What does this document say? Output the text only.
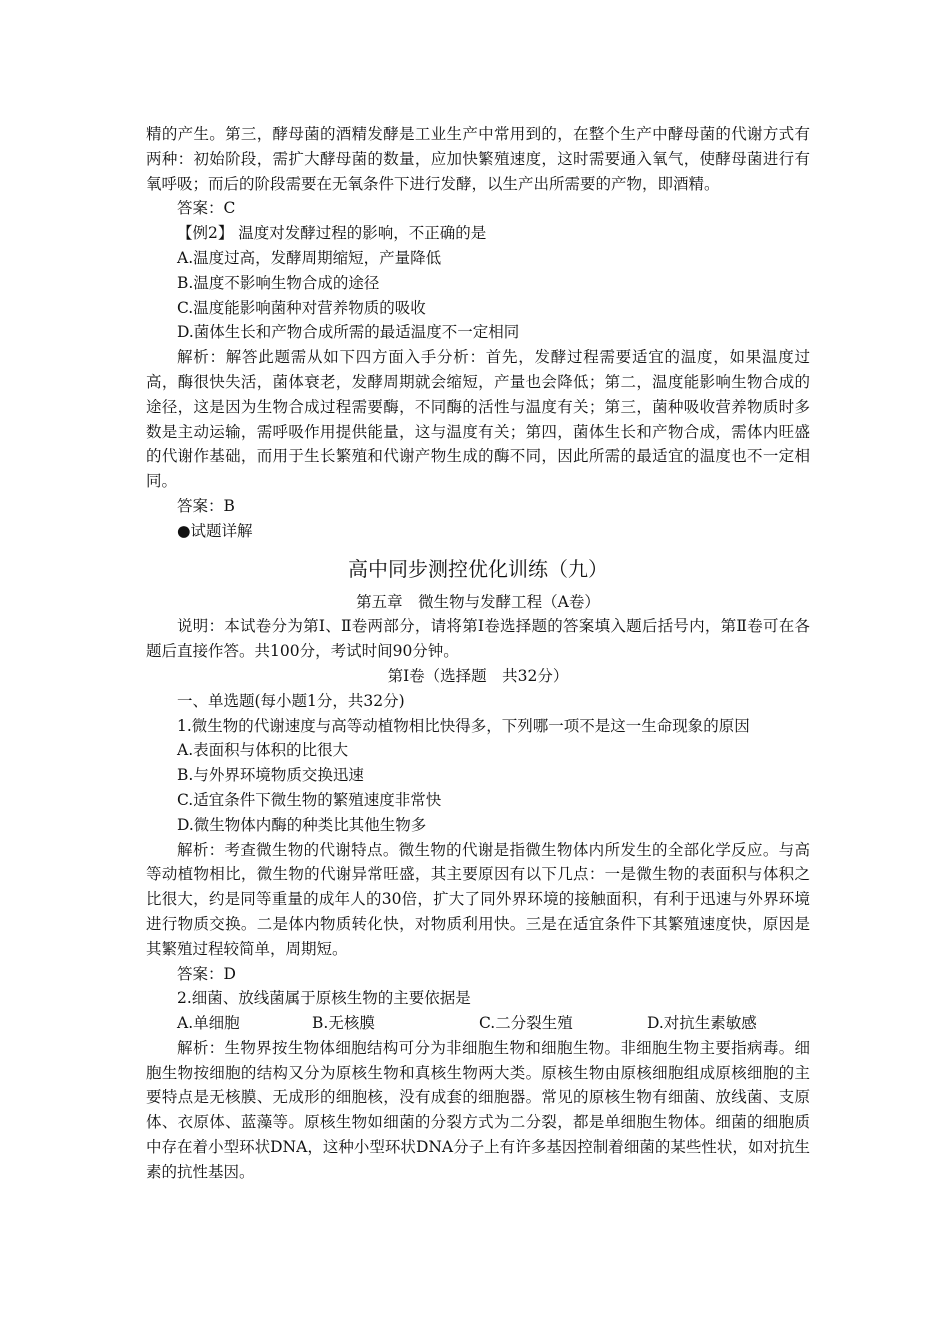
精的产生。第三，酵母菌的酒精发酵是工业生产中常用到的，在整个生产中酵母菌的代谢方式有两种：初始阶段，需扩大酵母菌的数量，应加快繁殖速度，这时需要通入氧气，使酵母菌进行有氧呼吸；而后的阶段需要在无氧条件下进行发酵，以生产出所需要的产物，即酒精。

答案：C

【例2】 温度对发酵过程的影响，不正确的是

A.温度过高，发酵周期缩短，产量降低

B.温度不影响生物合成的途径

C.温度能影响菌种对营养物质的吸收

D.菌体生长和产物合成所需的最适温度不一定相同

解析：解答此题需从如下四方面入手分析：首先，发酵过程需要适宜的温度，如果温度过高，酶很快失活，菌体衰老，发酵周期就会缩短，产量也会降低；第二，温度能影响生物合成的途径，这是因为生物合成过程需要酶，不同酶的活性与温度有关；第三，菌种吸收营养物质时多数是主动运输，需呼吸作用提供能量，这与温度有关；第四，菌体生长和产物合成，需体内旺盛的代谢作基础，而用于生长繁殖和代谢产物生成的酶不同，因此所需的最适宜的温度也不一定相同。

答案：B

●试题详解

高中同步测控优化训练（九）

第五章　微生物与发酵工程（A卷）

说明：本试卷分为第Ⅰ、Ⅱ卷两部分，请将第Ⅰ卷选择题的答案填入题后括号内，第Ⅱ卷可在各题后直接作答。共100分，考试时间90分钟。

第Ⅰ卷（选择题　共32分）

一、单选题(每小题1分，共32分)

1.微生物的代谢速度与高等动植物相比快得多，下列哪一项不是这一生命现象的原因

A.表面积与体积的比很大

B.与外界环境物质交换迅速

C.适宜条件下微生物的繁殖速度非常快

D.微生物体内酶的种类比其他生物多

解析：考查微生物的代谢特点。微生物的代谢是指微生物体内所发生的全部化学反应。与高等动植物相比，微生物的代谢异常旺盛，其主要原因有以下几点：一是微生物的表面积与体积之比很大，约是同等重量的成年人的30倍，扩大了同外界环境的接触面积，有利于迅速与外界环境进行物质交换。二是体内物质转化快，对物质利用快。三是在适宜条件下其繁殖速度快，原因是其繁殖过程较简单，周期短。

答案：D

2.细菌、放线菌属于原核生物的主要依据是

A.单细胞	B.无核膜	C.二分裂生殖	D.对抗生素敏感

解析：生物界按生物体细胞结构可分为非细胞生物和细胞生物。非细胞生物主要指病毒。细胞生物按细胞的结构又分为原核生物和真核生物两大类。原核生物由原核细胞组成原核细胞的主要特点是无核膜、无成形的细胞核，没有成套的细胞器。常见的原核生物有细菌、放线菌、支原体、衣原体、蓝藻等。原核生物如细菌的分裂方式为二分裂，都是单细胞生物体。细菌的细胞质中存在着小型环状DNA，这种小型环状DNA分子上有许多基因控制着细菌的某些性状，如对抗生素的抗性基因。
